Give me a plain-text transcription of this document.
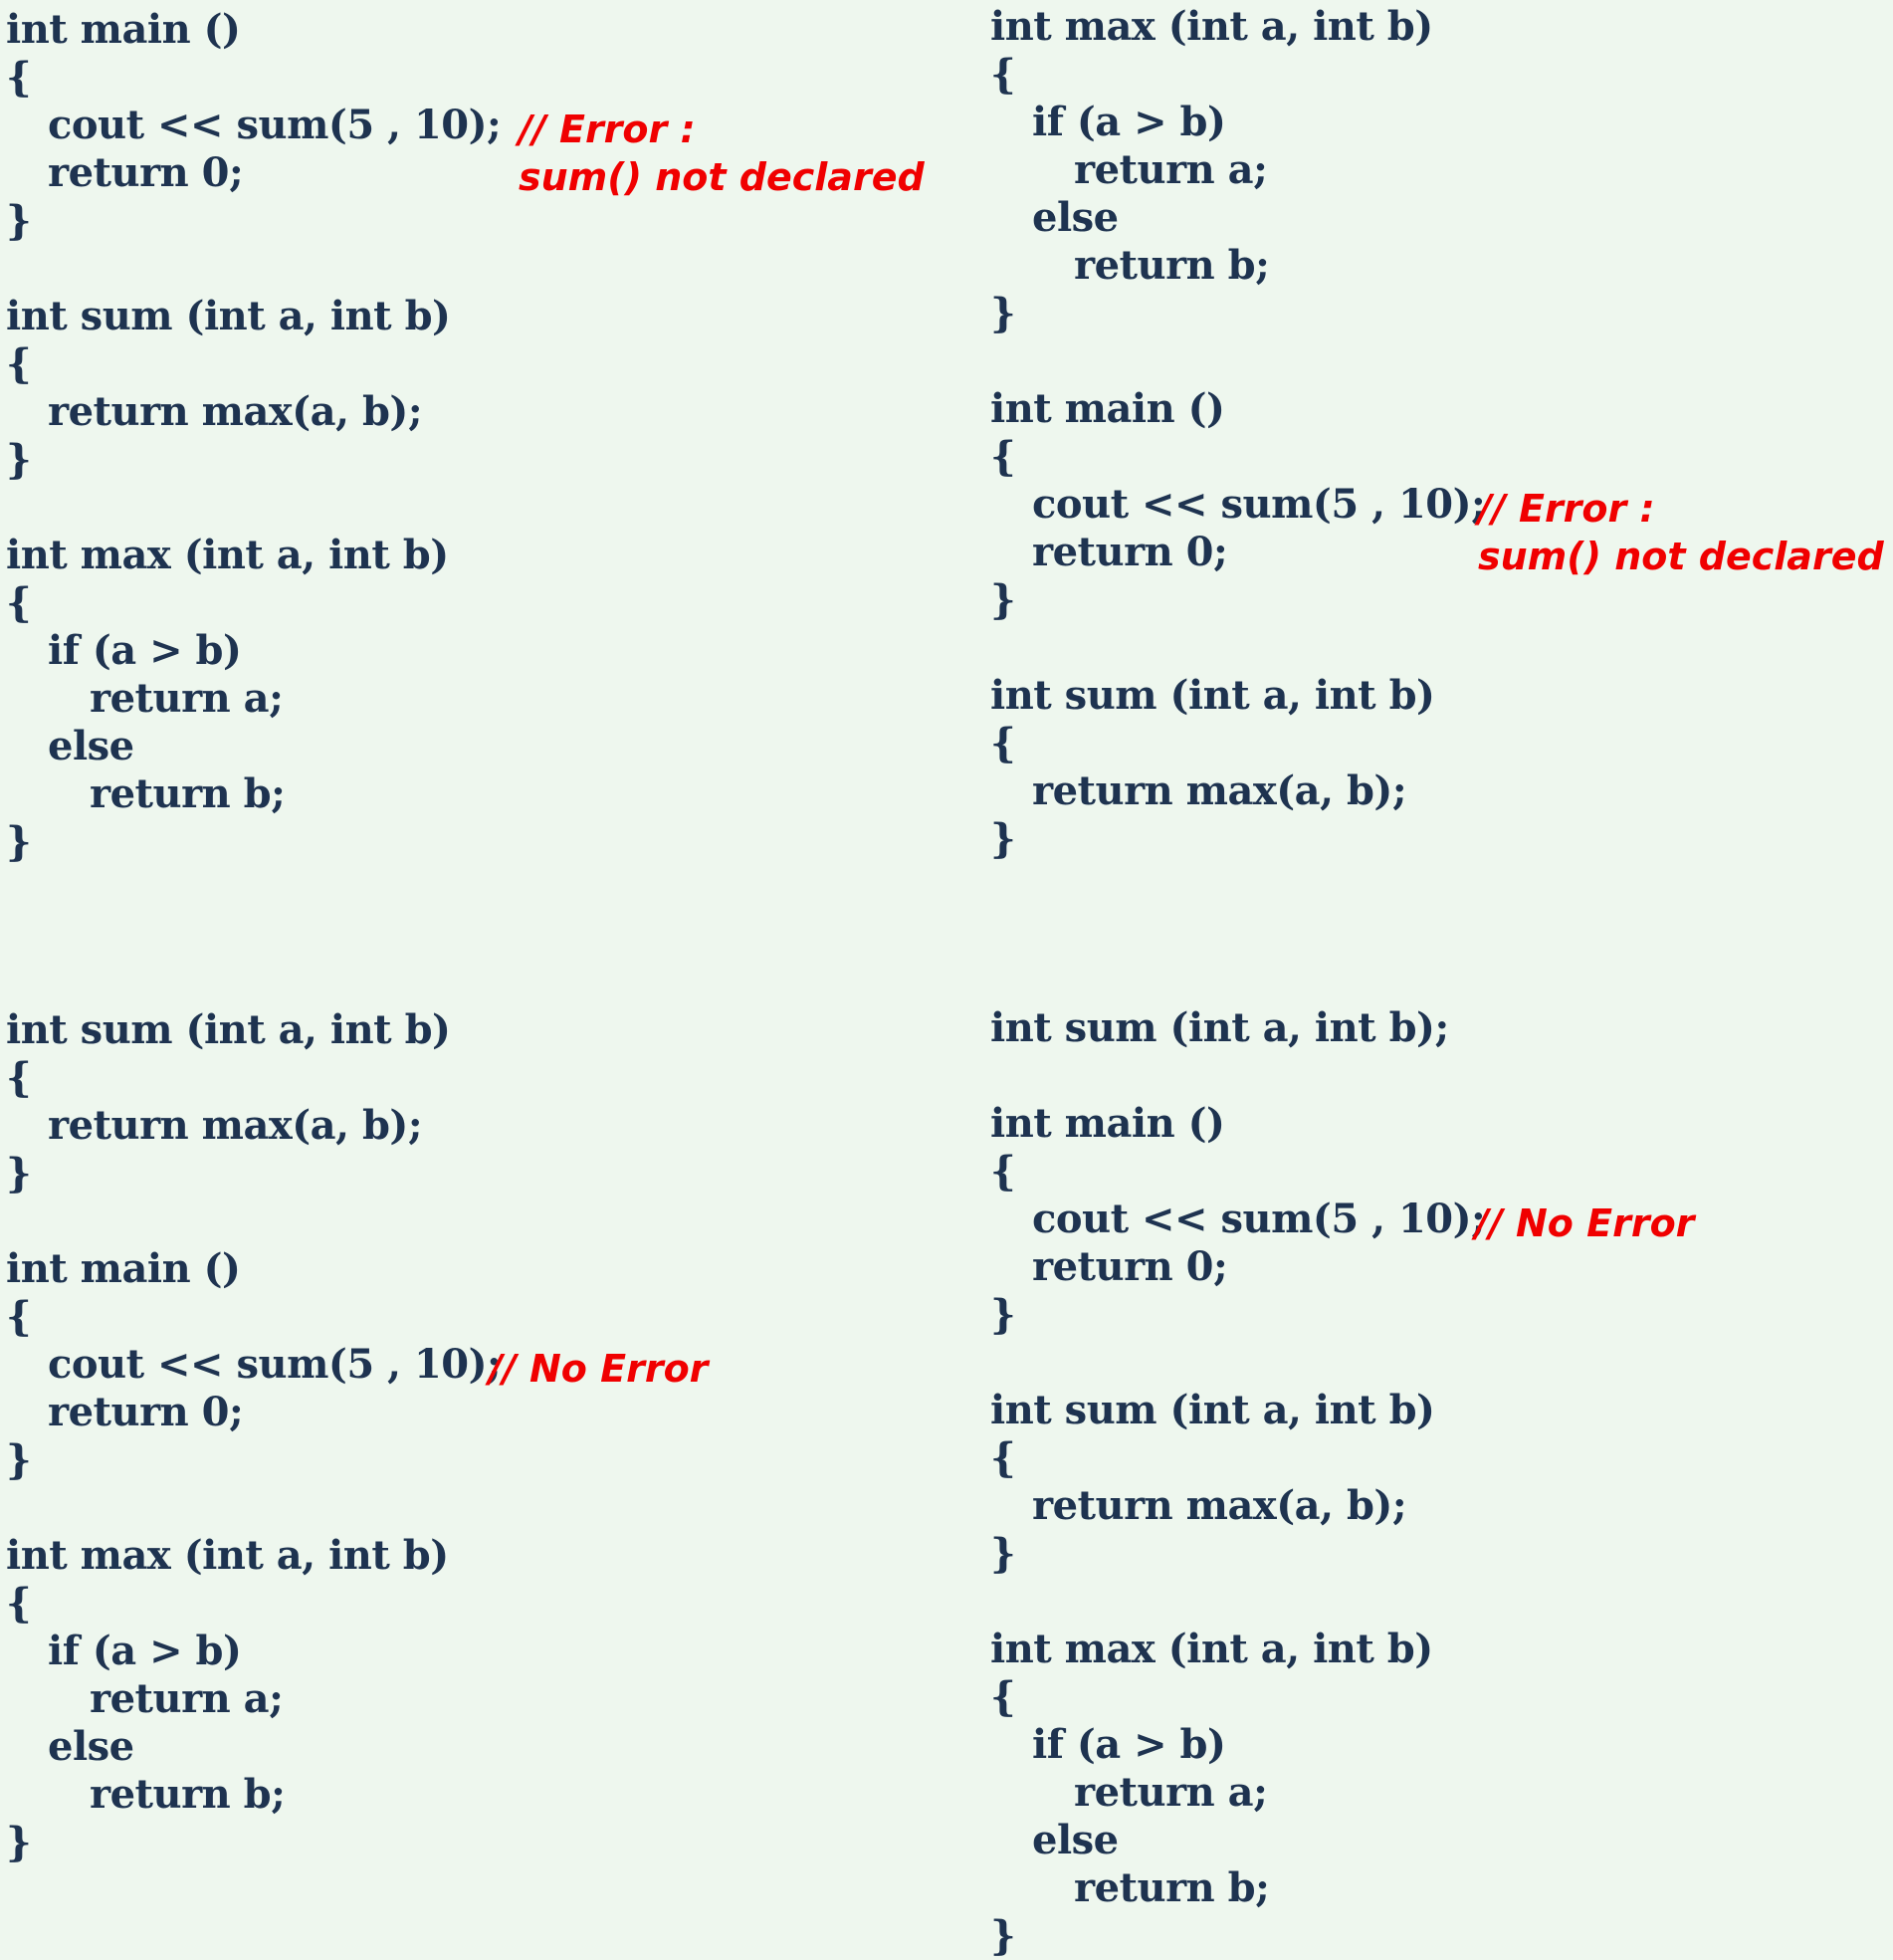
int main ()
{
cout << sum(5 , 10); // Error :
return 0;	sum() not declared
}
int sum (int a, int b)
{
return max(a, b);
}
int max (int a, int b)
{
if (a > b)
return a;
else
return b;
}
int max (int a, int b)
{
if (a > b)
return a;
else
return b;
}
int main ()
{
cout << sum(5 , 10);
// Error :
return 0;	sum() not declared
}
int sum (int a, int b)
{
return max(a, b);
}
int sum (int a, int b)
{
return max(a, b);
}
int main ()
{
cout << sum(5 , 10);
// No Error
return 0;
}
int max (int a, int b)
{
if (a > b)
return a;
else
return b;
}
int sum (int a, int b);
int main ()
{
cout << sum(5 , 10);
// No Error
return 0;
}
int sum (int a, int b)
{
return max(a, b);
}
int max (int a, int b)
{
if (a > b)
return a;
else
return b;
}
